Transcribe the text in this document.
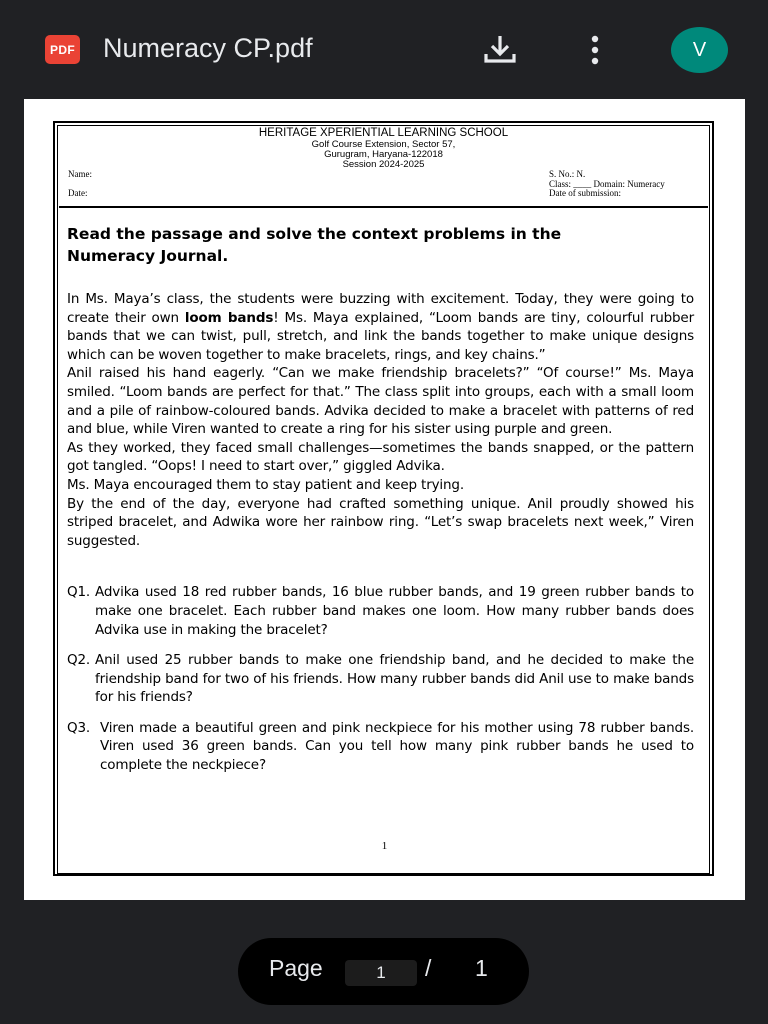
PDF Numeracy CP.pdf	V
HERITAGE XPERIENTIAL LEARNING SCHOOL
Golf Course Extension, Sector 57,
Gurugram, Haryana-122018
Session 2024-2025
Name:
Date:
S. No.: N.
Class: ____ Domain: Numeracy
Date of submission:

Read the passage and solve the context problems in the
Numeracy Journal.

In Ms. Maya’s class, the students were buzzing with excitement. Today, they were going to create their own loom bands! Ms. Maya explained, “Loom bands are tiny, colourful rubber bands that we can twist, pull, stretch, and link the bands together to make unique designs which can be woven together to make bracelets, rings, and key chains.”

Anil raised his hand eagerly. “Can we make friendship bracelets?” “Of course!” Ms. Maya smiled. “Loom bands are perfect for that.” The class split into groups, each with a small loom and a pile of rainbow-coloured bands. Advika decided to make a bracelet with patterns of red and blue, while Viren wanted to create a ring for his sister using purple and green.

As they worked, they faced small challenges—sometimes the bands snapped, or the pattern got tangled. “Oops! I need to start over,” giggled Advika.

Ms. Maya encouraged them to stay patient and keep trying.

By the end of the day, everyone had crafted something unique. Anil proudly showed his striped bracelet, and Adwika wore her rainbow ring. “Let’s swap bracelets next week,” Viren suggested.

Q1. Advika used 18 red rubber bands, 16 blue rubber bands, and 19 green rubber bands to make one bracelet. Each rubber band makes one loom. How many rubber bands does Advika use in making the bracelet?
Q2. Anil used 25 rubber bands to make one friendship band, and he decided to make the friendship band for two of his friends. How many rubber bands did Anil use to make bands for his friends?
Q3. Viren made a beautiful green and pink neckpiece for his mother using 78 rubber bands. Viren used 36 green bands. Can you tell how many pink rubber bands he used to complete the neckpiece?
1
Page
1	/ 1
